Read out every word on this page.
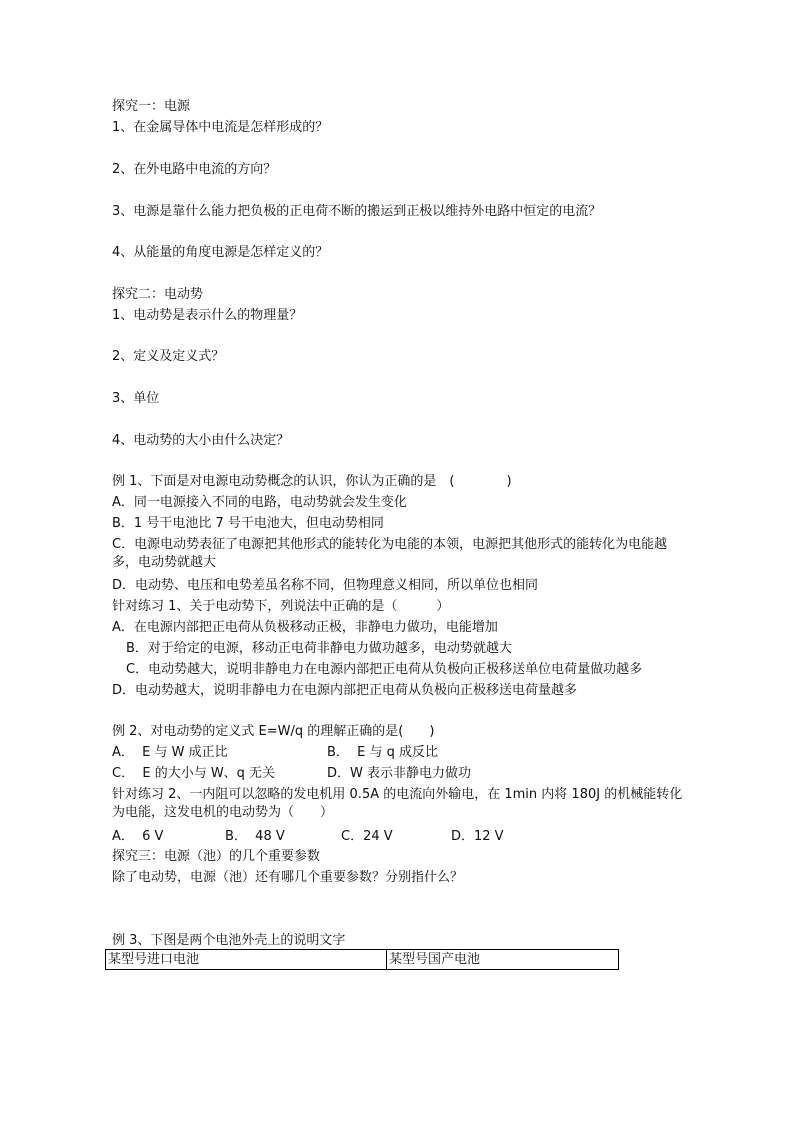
探究一：电源
1、在金属导体中电流是怎样形成的？
2、在外电路中电流的方向？
3、电源是靠什么能力把负极的正电荷不断的搬运到正极以维持外电路中恒定的电流？
4、从能量的角度电源是怎样定义的？
探究二：电动势
1、电动势是表示什么的物理量？
2、定义及定义式？
3、单位
4、电动势的大小由什么决定？
例 1、下面是对电源电动势概念的认识，你认为正确的是　(　　　　)
A．同一电源接入不同的电路，电动势就会发生变化
B．1 号干电池比 7 号干电池大，但电动势相同
C．电源电动势表征了电源把其他形式的能转化为电能的本领，电源把其他形式的能转化为电能越多，电动势就越大
D．电动势、电压和电势差虽名称不同，但物理意义相同，所以单位也相同
针对练习 1、关于电动势下，列说法中正确的是（　　　）
A．在电源内部把正电荷从负极移动正极，非静电力做功，电能增加
B．对于给定的电源，移动正电荷非静电力做功越多，电动势就越大
C．电动势越大，说明非静电力在电源内部把正电荷从负极向正极移送单位电荷量做功越多
D．电动势越大，说明非静电力在电源内部把正电荷从负极向正极移送电荷量越多
例 2、对电动势的定义式 E=W/q 的理解正确的是(　　)
A．  E 与 W 成正比	B．  E 与 q 成反比
C．  E 的大小与 W、q 无关	D．W 表示非静电力做功
针对练习 2、一内阻可以忽略的发电机用 0.5A 的电流向外输电，在 1min 内将 180J 的机械能转化为电能，这发电机的电动势为（　　）
A．  6 V	B．  48 V	C．24 V	D．12 V
探究三：电源（池）的几个重要参数
除了电动势，电源（池）还有哪几个重要参数？分别指什么？
例 3、下图是两个电池外壳上的说明文字
某型号进口电池	某型号国产电池
